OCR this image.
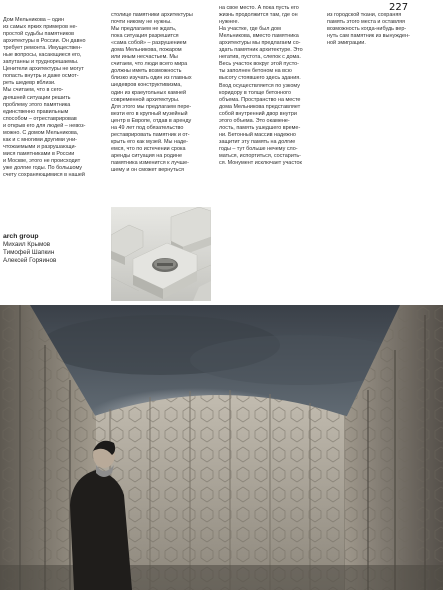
227
Дом Мельникова – один
из самых ярких примеров не-
простой судьбы памятников
архитектуры в России. Он давно
требует ремонта. Имуществен-
ные вопросы, касающиеся его,
запутанны и труднорешаемы.
Ценители архитектуры не могут
попасть внутрь и даже осмот-
реть шедевр вблизи.
Мы считаем, что в сего-
дняшней ситуации решить
проблему этого памятника
единственно правильным
способом – отреставрировав
и открыв его для людей – невоз-
можно. С домом Мельникова,
как и с многими другими уни-
чтожаемыми и разрушающи-
мися памятниками в России
и Москве, этого не происходит
уже долгие годы. По большому
счету сохраняющимися в нашей
столице памятники архитектуры
почти никому не нужны.
Мы предлагаем не ждать,
пока ситуация разрешится
«сама собой» – разрушением
дома Мельникова, пожаром
или иным несчастьем. Мы
считаем, что люди всего мира
должны иметь возможность
близко изучать один из главных
шедевров конструктивизма,
один из краеугольных камней
современной архитектуры.
Для этого мы предлагаем пере-
везти его в крупный музейный
центр в Европе, отдав в аренду
на 49 лет под обязательство
реставрировать памятник и от-
крыть его как музей. Мы наде-
емся, что по истечении срока
аренды ситуация на родине
памятника изменится к лучше-
шему и он сможет вернуться
на свое место. А пока пусть его
жизнь продолжится там, где он
нужнее.
На участке, где был дом
Мельникова, вместо памятника
архитектуры мы предлагаем со-
здать памятник архитектуре. Это
негатив, пустота, слепок с дома.
Весь участок вокруг этой пусто-
ты заполнен бетоном на всю
высоту стоявшего здесь здания.
Вход осуществляется по узкому
коридору в толще бетонного
объема. Пространство на месте
дома Мельникова представляет
собой внутренний двор внутри
этого объема. Это окамене-
лость, память ушедшего време-
ни. Бетонный массив надежно
защитит эту память на долгие
годы – тут больше нечему сло-
маться, испортиться, состарить-
ся. Монумент исключает участок
из городской ткани, сохраняя
память этого места и оставляя
возможность когда-нибудь вер-
нуть сам памятник из вынужден-
ной эмиграции.
arch group
Михаил Крымов
Тимофей Шапкин
Алексей Горяинов
